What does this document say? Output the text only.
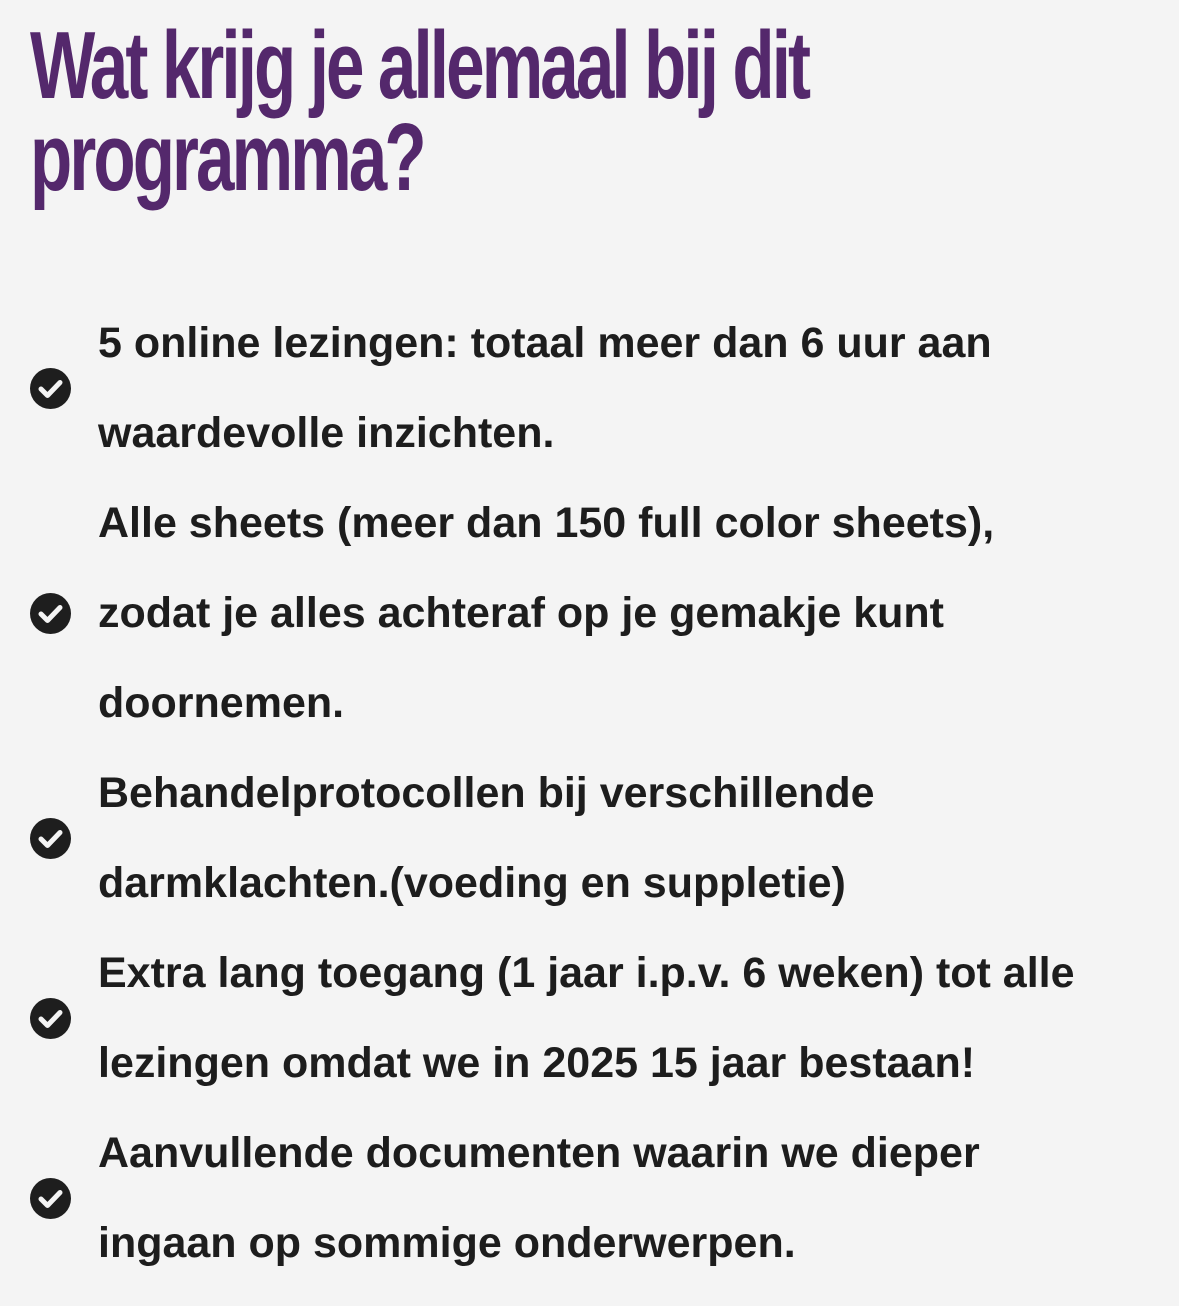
Wat krijg je allemaal bij dit
programma?
5 online lezingen: totaal meer dan 6 uur aan
waardevolle inzichten.
Alle sheets (meer dan 150 full color sheets),
zodat je alles achteraf op je gemakje kunt
doornemen.
Behandelprotocollen bij verschillende
darmklachten.(voeding en suppletie)
Extra lang toegang (1 jaar i.p.v. 6 weken) tot alle
lezingen omdat we in 2025 15 jaar bestaan!
Aanvullende documenten waarin we dieper
ingaan op sommige onderwerpen.
